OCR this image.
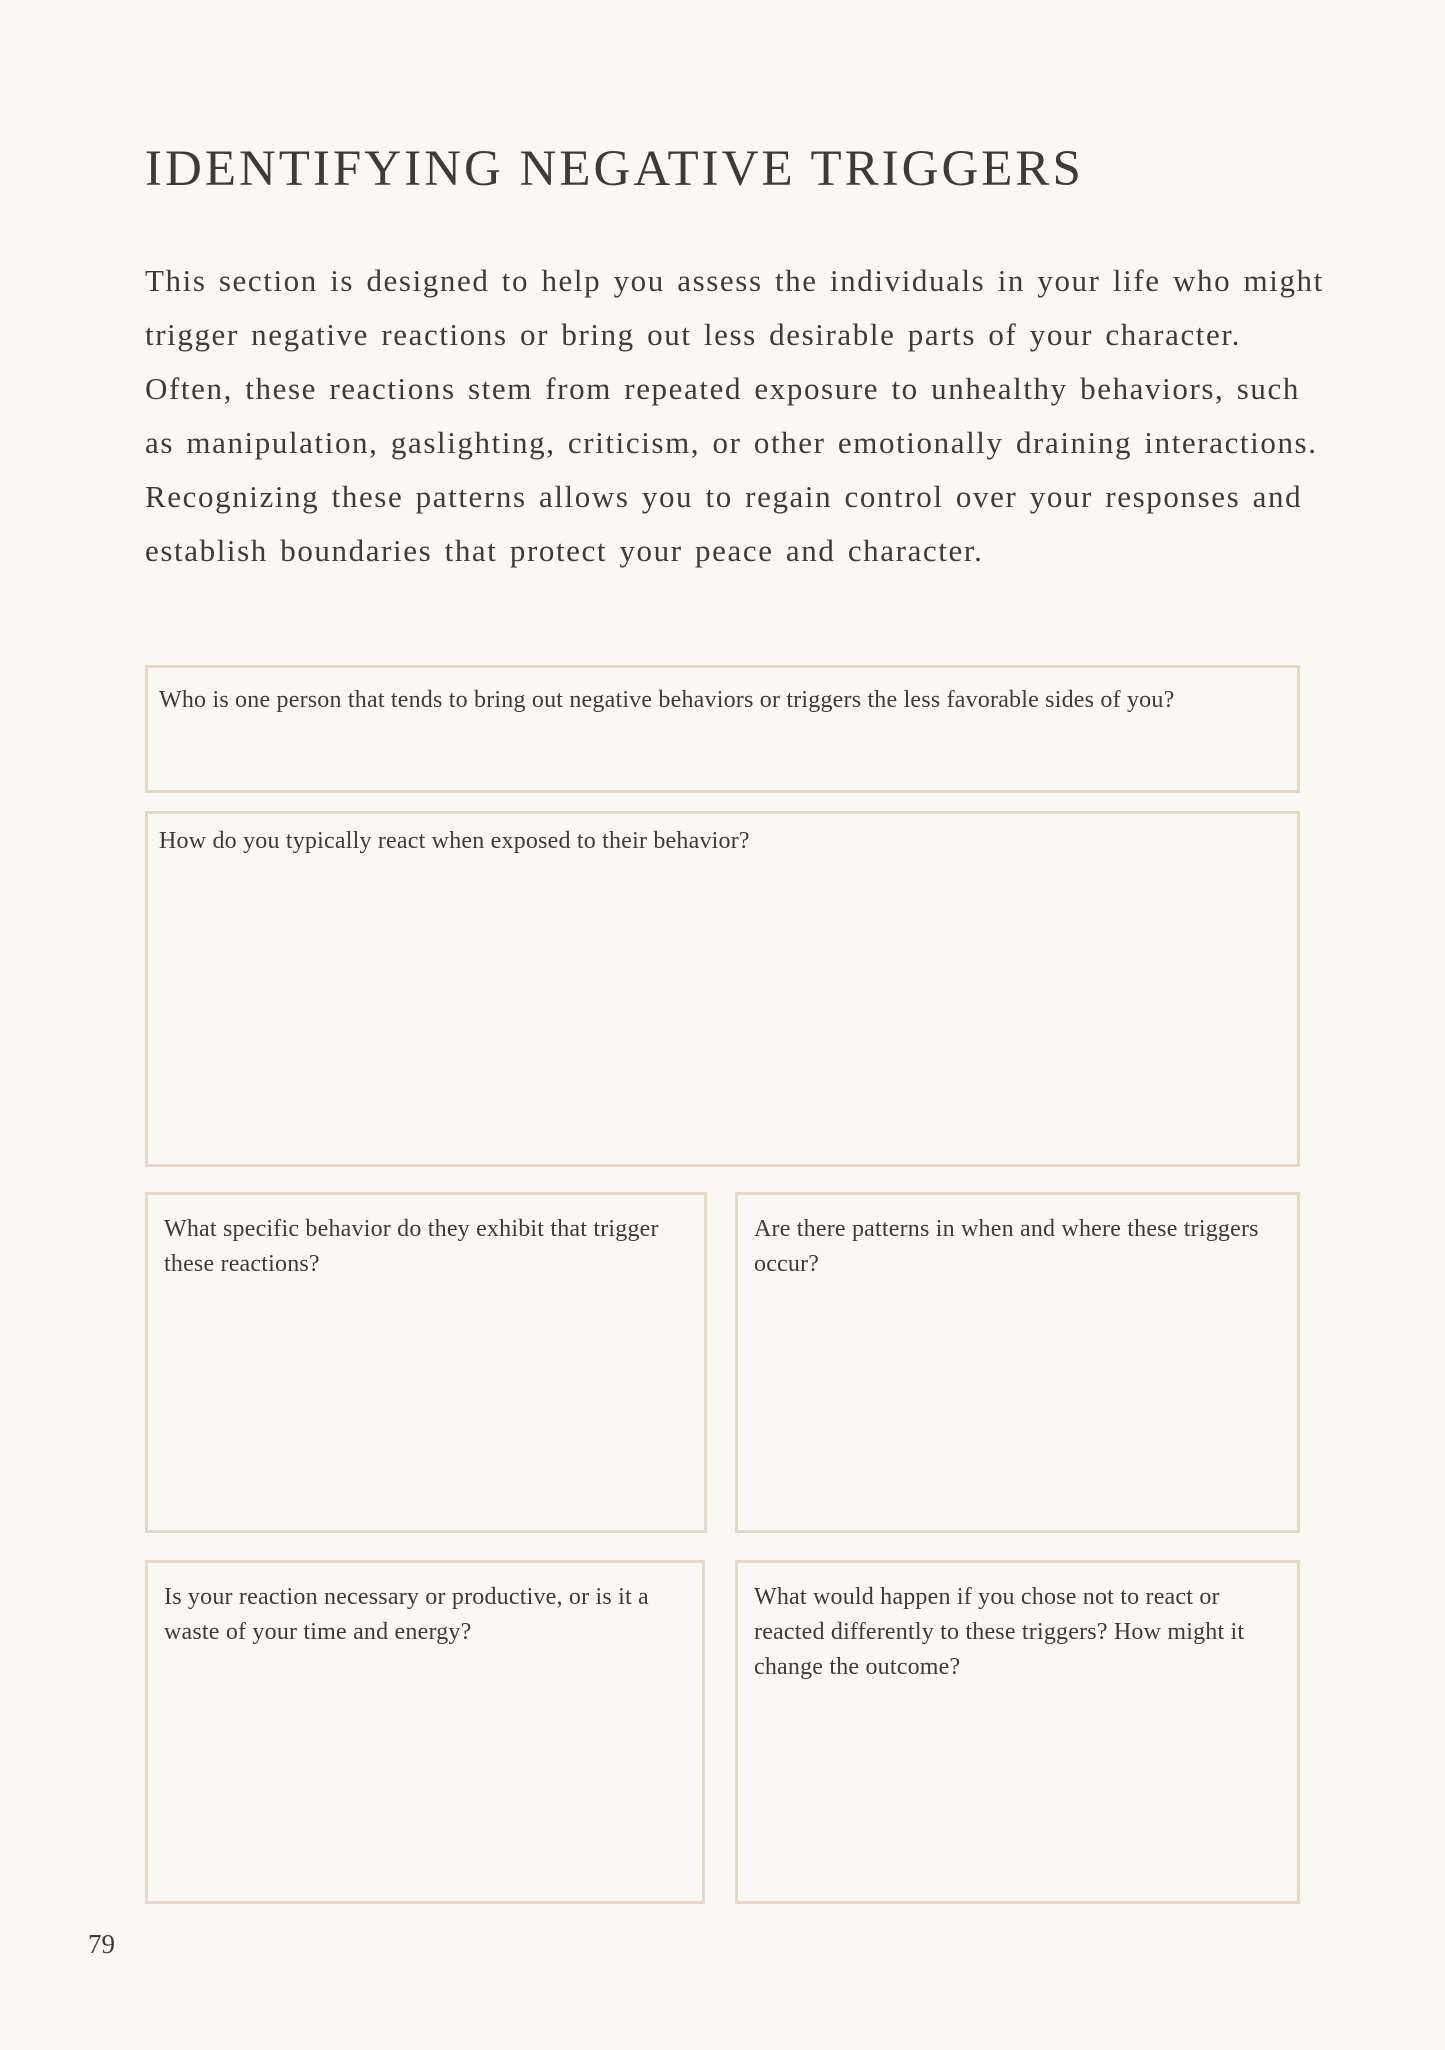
IDENTIFYING NEGATIVE TRIGGERS

This section is designed to help you assess the individuals in your life who might trigger negative reactions or bring out less desirable parts of your character. Often, these reactions stem from repeated exposure to unhealthy behaviors, such as manipulation, gaslighting, criticism, or other emotionally draining interactions. Recognizing these patterns allows you to regain control over your responses and establish boundaries that protect your peace and character.

Who is one person that tends to bring out negative behaviors or triggers the less favorable sides of you?

How do you typically react when exposed to their behavior?

What specific behavior do they exhibit that trigger these reactions?

Are there patterns in when and where these triggers occur?

Is your reaction necessary or productive, or is it a waste of your time and energy?

What would happen if you chose not to react or reacted differently to these triggers? How might it change the outcome?

79
